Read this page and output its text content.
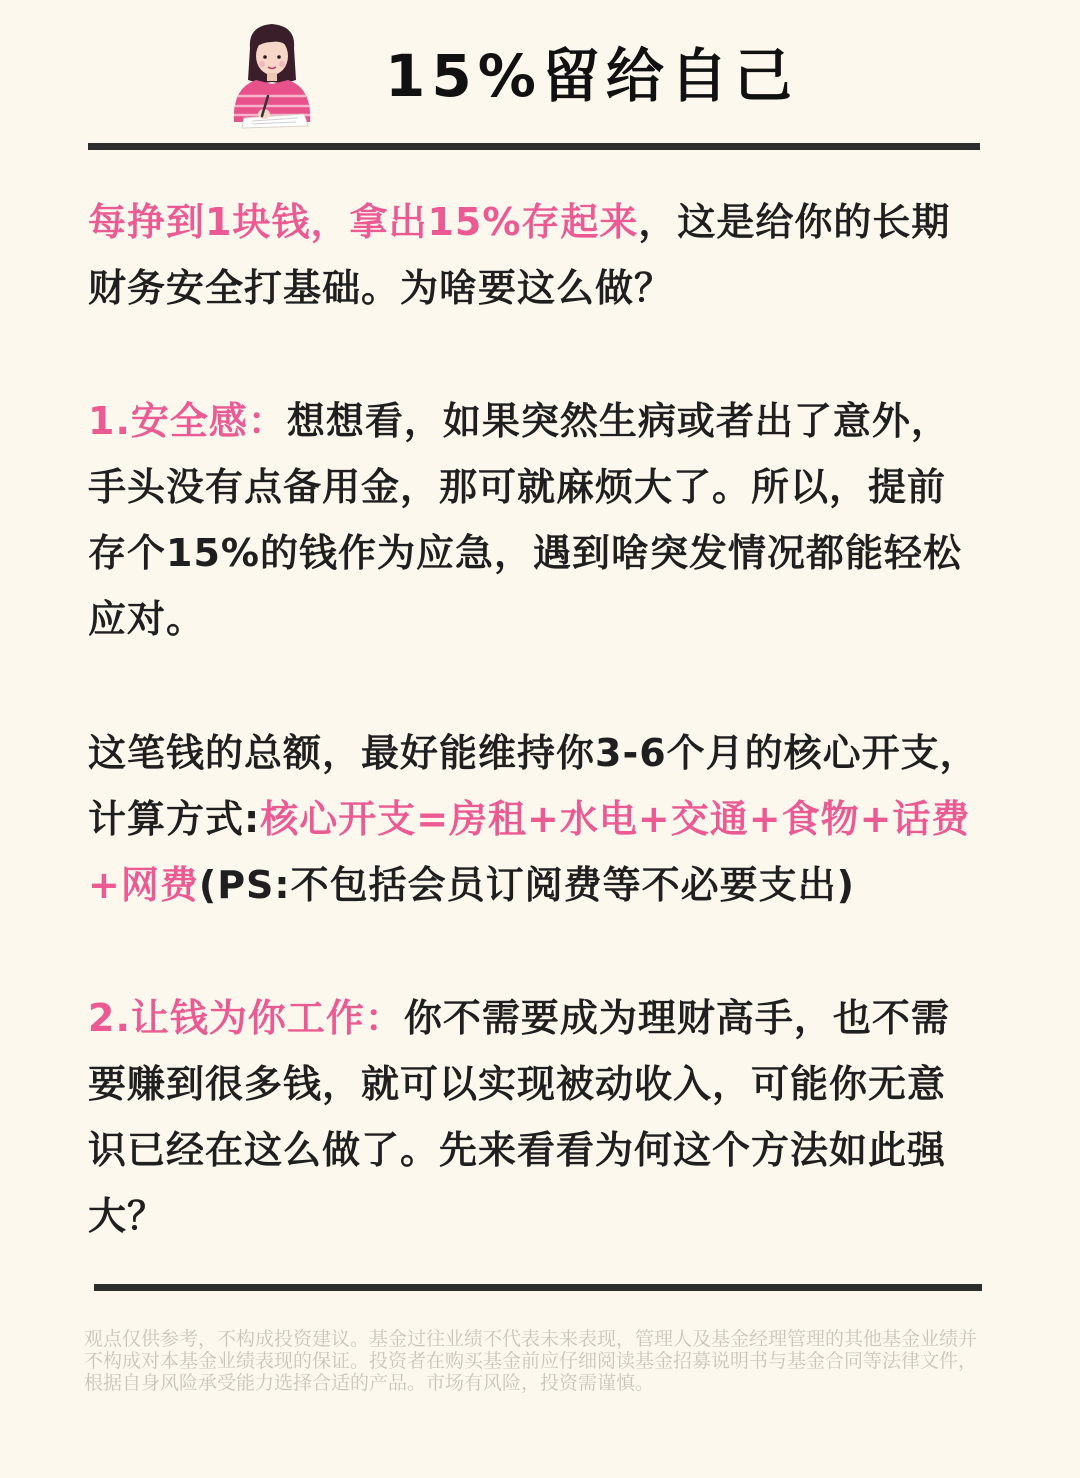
15%留给自己

每挣到1块钱，拿出15%存起来，这是给你的长期财务安全打基础。为啥要这么做？

1.安全感：想想看，如果突然生病或者出了意外，手头没有点备用金，那可就麻烦大了。所以，提前存个15%的钱作为应急，遇到啥突发情况都能轻松应对。

这笔钱的总额，最好能维持你3-6个月的核心开支，计算方式:核心开支=房租+水电+交通+食物+话费+网费(PS:不包括会员订阅费等不必要支出)

2.让钱为你工作：你不需要成为理财高手，也不需要赚到很多钱，就可以实现被动收入，可能你无意识已经在这么做了。先来看看为何这个方法如此强大？

观点仅供参考，不构成投资建议。基金过往业绩不代表未来表现，管理人及基金经理管理的其他基金业绩并不构成对本基金业绩表现的保证。投资者在购买基金前应仔细阅读基金招募说明书与基金合同等法律文件，根据自身风险承受能力选择合适的产品。市场有风险，投资需谨慎。
